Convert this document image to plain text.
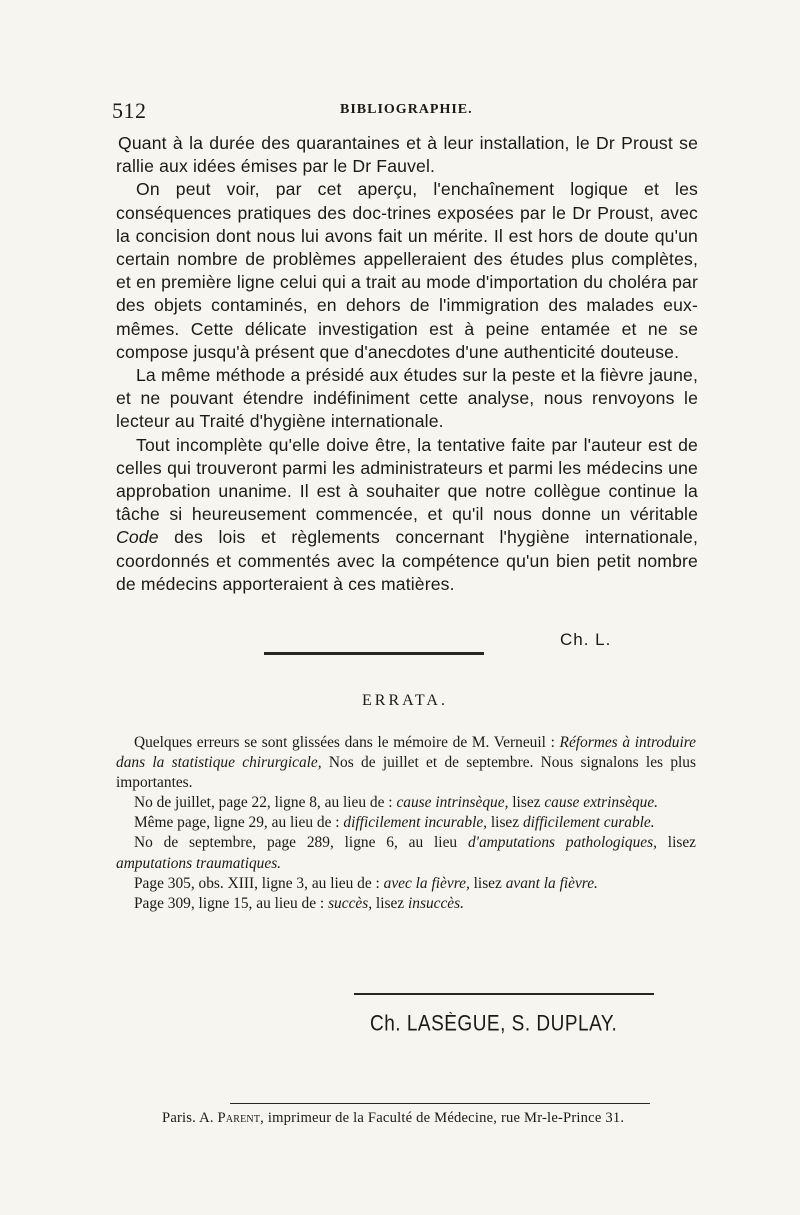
512	BIBLIOGRAPHIE.

Quant à la durée des quarantaines et à leur installation, le Dr Proust se rallie aux idées émises par le Dr Fauvel.

On peut voir, par cet aperçu, l'enchaînement logique et les conséquences pratiques des doc-trines exposées par le Dr Proust, avec la concision dont nous lui avons fait un mérite. Il est hors de doute qu'un certain nombre de problèmes appelleraient des études plus complètes, et en première ligne celui qui a trait au mode d'importation du choléra par des objets contaminés, en dehors de l'immigration des malades eux-mêmes. Cette délicate investigation est à peine entamée et ne se compose jusqu'à présent que d'anecdotes d'une authenticité douteuse.

La même méthode a présidé aux études sur la peste et la fièvre jaune, et ne pouvant étendre indéfiniment cette analyse, nous renvoyons le lecteur au Traité d'hygiène internationale.

Tout incomplète qu'elle doive être, la tentative faite par l'auteur est de celles qui trouveront parmi les administrateurs et parmi les médecins une approbation unanime. Il est à souhaiter que notre collègue continue la tâche si heureusement commencée, et qu'il nous donne un véritable Code des lois et règlements concernant l'hygiène internationale, coordonnés et commentés avec la compétence qu'un bien petit nombre de médecins apporteraient à ces matières.

Ch. L.
ERRATA.

Quelques erreurs se sont glissées dans le mémoire de M. Verneuil : Réformes à introduire dans la statistique chirurgicale, Nos de juillet et de septembre. Nous signalons les plus importantes.

No de juillet, page 22, ligne 8, au lieu de : cause intrinsèque, lisez cause extrinsèque.

Même page, ligne 29, au lieu de : difficilement incurable, lisez difficilement curable.

No de septembre, page 289, ligne 6, au lieu d'amputations pathologiques, lisez amputations traumatiques.

Page 305, obs. XIII, ligne 3, au lieu de : avec la fièvre, lisez avant la fièvre.

Page 309, ligne 15, au lieu de : succès, lisez insuccès.

Ch. LASÈGUE, S. DUPLAY.
Paris. A. Parent, imprimeur de la Faculté de Médecine, rue Mr-le-Prince 31.
